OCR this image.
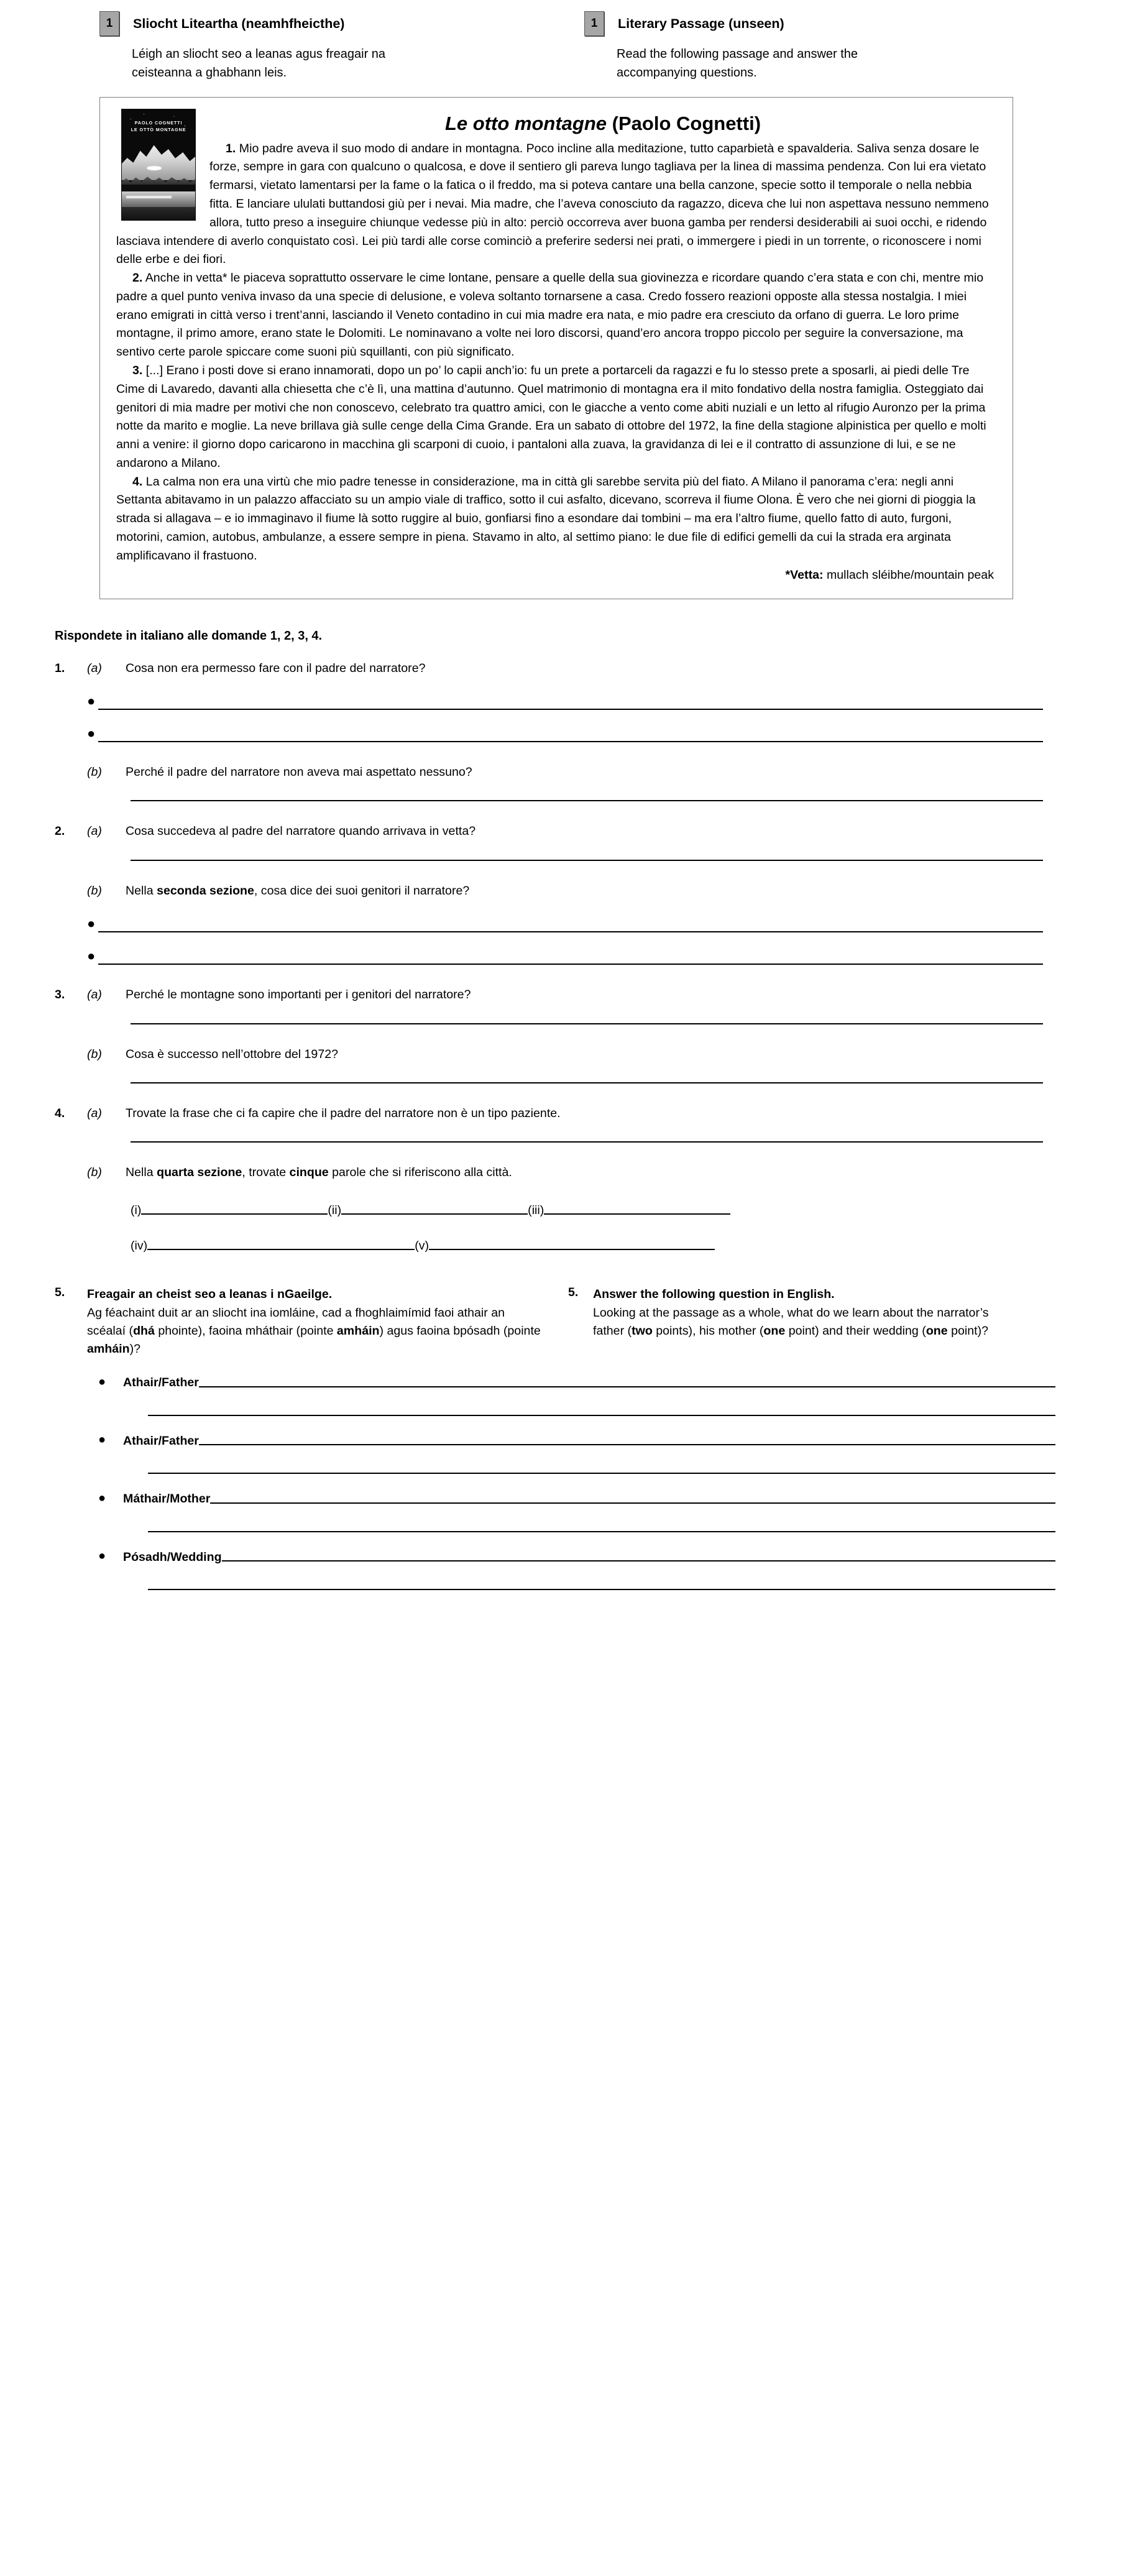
1	Sliocht Liteartha (neamhfheicthe)
Léigh an sliocht seo a leanas agus freagair na ceisteanna a ghabhann leis.
1	Literary Passage (unseen)
Read the following passage and answer the accompanying questions.
PAOLO COGNETTI
LE OTTO MONTAGNE	Le otto montagne (Paolo Cognetti)

1. Mio padre aveva il suo modo di andare in montagna. Poco incline alla meditazione, tutto caparbietà e spavalderia. Saliva senza dosare le forze, sempre in gara con qualcuno o qualcosa, e dove il sentiero gli pareva lungo tagliava per la linea di massima pendenza. Con lui era vietato fermarsi, vietato lamentarsi per la fame o la fatica o il freddo, ma si poteva cantare una bella canzone, specie sotto il temporale o nella nebbia fitta. E lanciare ululati buttandosi giù per i nevai. Mia madre, che l’aveva conosciuto da ragazzo, diceva che lui non aspettava nessuno nemmeno allora, tutto preso a inseguire chiunque vedesse più in alto: perciò occorreva aver buona gamba per rendersi desiderabili ai suoi occhi, e ridendo lasciava intendere di averlo conquistato così. Lei più tardi alle corse cominciò a preferire sedersi nei prati, o immergere i piedi in un torrente, o riconoscere i nomi delle erbe e dei fiori.

2. Anche in vetta* le piaceva soprattutto osservare le cime lontane, pensare a quelle della sua giovinezza e ricordare quando c’era stata e con chi, mentre mio padre a quel punto veniva invaso da una specie di delusione, e voleva soltanto tornarsene a casa. Credo fossero reazioni opposte alla stessa nostalgia. I miei erano emigrati in città verso i trent’anni, lasciando il Veneto contadino in cui mia madre era nata, e mio padre era cresciuto da orfano di guerra. Le loro prime montagne, il primo amore, erano state le Dolomiti. Le nominavano a volte nei loro discorsi, quand’ero ancora troppo piccolo per seguire la conversazione, ma sentivo certe parole spiccare come suoni più squillanti, con più significato.

3. [...] Erano i posti dove si erano innamorati, dopo un po’ lo capii anch’io: fu un prete a portarceli da ragazzi e fu lo stesso prete a sposarli, ai piedi delle Tre Cime di Lavaredo, davanti alla chiesetta che c’è lì, una mattina d’autunno. Quel matrimonio di montagna era il mito fondativo della nostra famiglia. Osteggiato dai genitori di mia madre per motivi che non conoscevo, celebrato tra quattro amici, con le giacche a vento come abiti nuziali e un letto al rifugio Auronzo per la prima notte da marito e moglie. La neve brillava già sulle cenge della Cima Grande. Era un sabato di ottobre del 1972, la fine della stagione alpinistica per quello e molti anni a venire: il giorno dopo caricarono in macchina gli scarponi di cuoio, i pantaloni alla zuava, la gravidanza di lei e il contratto di assunzione di lui, e se ne andarono a Milano.

4. La calma non era una virtù che mio padre tenesse in considerazione, ma in città gli sarebbe servita più del fiato. A Milano il panorama c’era: negli anni Settanta abitavamo in un palazzo affacciato su un ampio viale di traffico, sotto il cui asfalto, dicevano, scorreva il fiume Olona. È vero che nei giorni di pioggia la strada si allagava – e io immaginavo il fiume là sotto ruggire al buio, gonfiarsi fino a esondare dai tombini – ma era l’altro fiume, quello fatto di auto, furgoni, motorini, camion, autobus, ambulanze, a essere sempre in piena. Stavamo in alto, al settimo piano: le due file di edifici gemelli da cui la strada era arginata amplificavano il frastuono.

*Vetta: mullach sléibhe/mountain peak
Rispondete in italiano alle domande 1, 2, 3, 4.
1.	(a)	Cosa non era permesso fare con il padre del narratore?
●
●
(b)	Perché il padre del narratore non aveva mai aspettato nessuno?
2.	(a)	Cosa succedeva al padre del narratore quando arrivava in vetta?
(b)	Nella seconda sezione, cosa dice dei suoi genitori il narratore?
●
●
3.	(a)	Perché le montagne sono importanti per i genitori del narratore?
(b)	Cosa è successo nell’ottobre del 1972?
4.	(a)	Trovate la frase che ci fa capire che il padre del narratore non è un tipo paziente.
(b)	Nella quarta sezione, trovate cinque parole che si riferiscono alla città.
(i)	(ii)	(iii)
(iv)	(v)
5.	Freagair an cheist seo a leanas i nGaeilge.
Ag féachaint duit ar an sliocht ina iomláine, cad a fhoghlaimímid faoi athair an scéalaí (dhá phointe), faoina mháthair (pointe amháin) agus faoina bpósadh (pointe amháin)?
5.	Answer the following question in English.
Looking at the passage as a whole, what do we learn about the narrator’s father (two points), his mother (one point) and their wedding (one point)?
●	Athair/Father
●	Athair/Father
●	Máthair/Mother
●	Pósadh/Wedding
